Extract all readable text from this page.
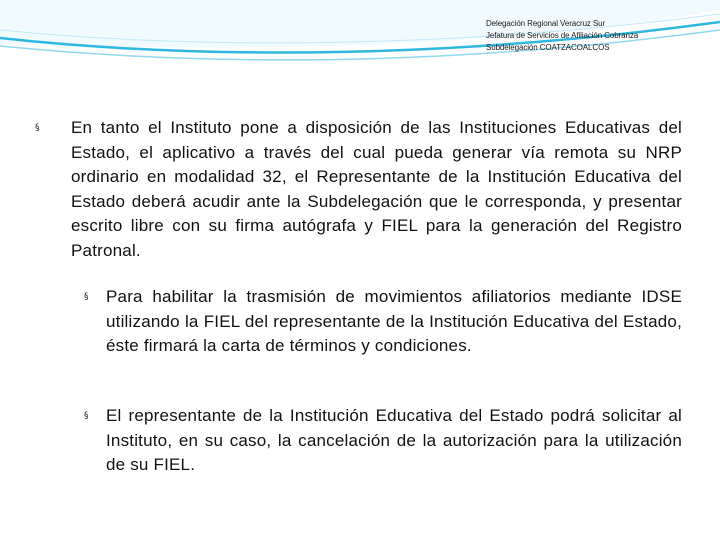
Delegación Regional Veracruz Sur
Jefatura de Servicios de Afiliación Cobranza
Subdelegación COATZACOALCOS
§ En tanto el Instituto pone a disposición de las Instituciones Educativas del Estado, el aplicativo a través del cual pueda generar vía remota su NRP ordinario en modalidad 32, el Representante de la Institución Educativa del Estado deberá acudir ante la Subdelegación que le corresponda, y presentar escrito libre con su firma autógrafa y FIEL para la generación del Registro Patronal.
§ Para habilitar la trasmisión de movimientos afiliatorios mediante IDSE utilizando la FIEL del representante de la Institución Educativa del Estado, éste firmará la carta de términos y condiciones.
§ El representante de la Institución Educativa del Estado podrá solicitar al Instituto, en su caso, la cancelación de la autorización para la utilización de su FIEL.
